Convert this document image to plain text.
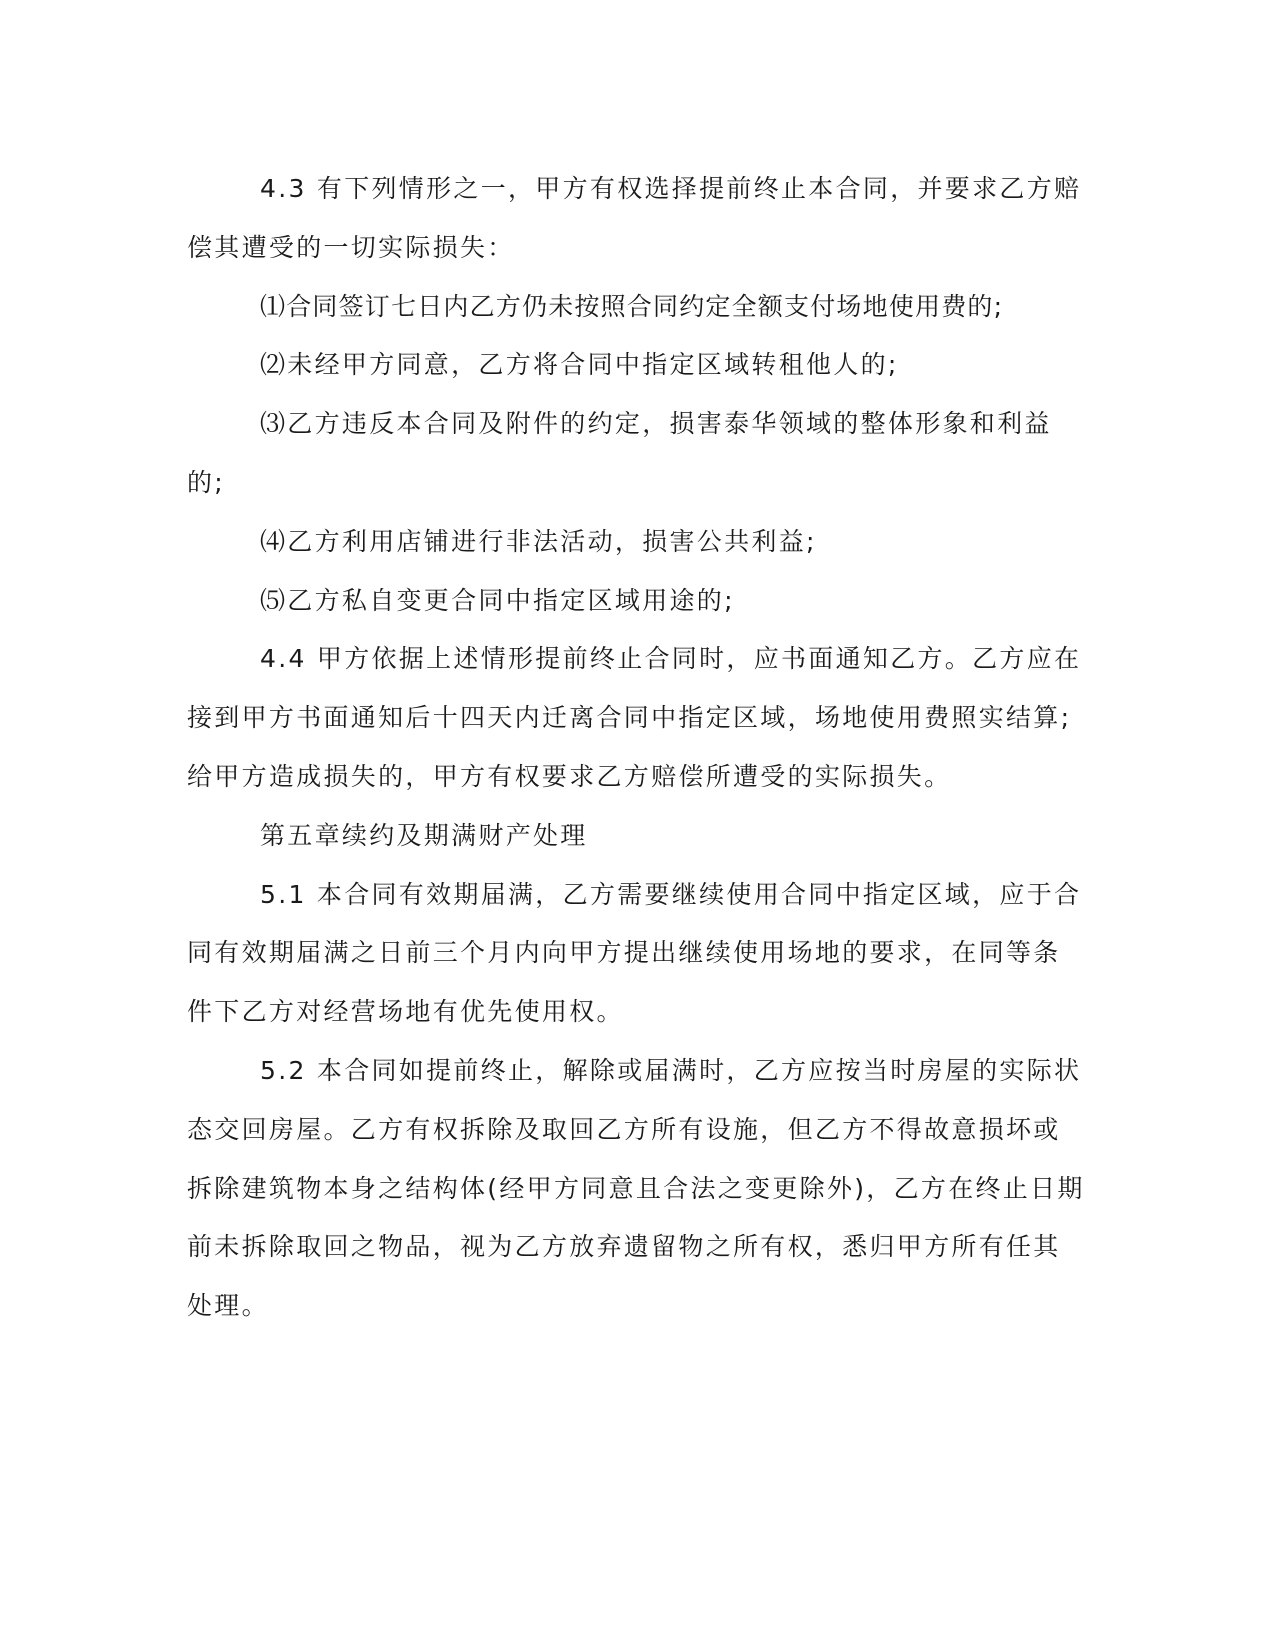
4.3 有下列情形之一，甲方有权选择提前终止本合同，并要求乙方赔偿其遭受的一切实际损失：

⑴合同签订七日内乙方仍未按照合同约定全额支付场地使用费的;

⑵未经甲方同意，乙方将合同中指定区域转租他人的;

⑶乙方违反本合同及附件的约定，损害泰华领域的整体形象和利益的;

⑷乙方利用店铺进行非法活动，损害公共利益;

⑸乙方私自变更合同中指定区域用途的;

4.4 甲方依据上述情形提前终止合同时，应书面通知乙方。乙方应在接到甲方书面通知后十四天内迁离合同中指定区域，场地使用费照实结算;给甲方造成损失的，甲方有权要求乙方赔偿所遭受的实际损失。

第五章续约及期满财产处理

5.1 本合同有效期届满，乙方需要继续使用合同中指定区域，应于合同有效期届满之日前三个月内向甲方提出继续使用场地的要求，在同等条件下乙方对经营场地有优先使用权。

5.2 本合同如提前终止，解除或届满时，乙方应按当时房屋的实际状态交回房屋。乙方有权拆除及取回乙方所有设施，但乙方不得故意损坏或拆除建筑物本身之结构体(经甲方同意且合法之变更除外)，乙方在终止日期前未拆除取回之物品，视为乙方放弃遗留物之所有权，悉归甲方所有任其处理。
